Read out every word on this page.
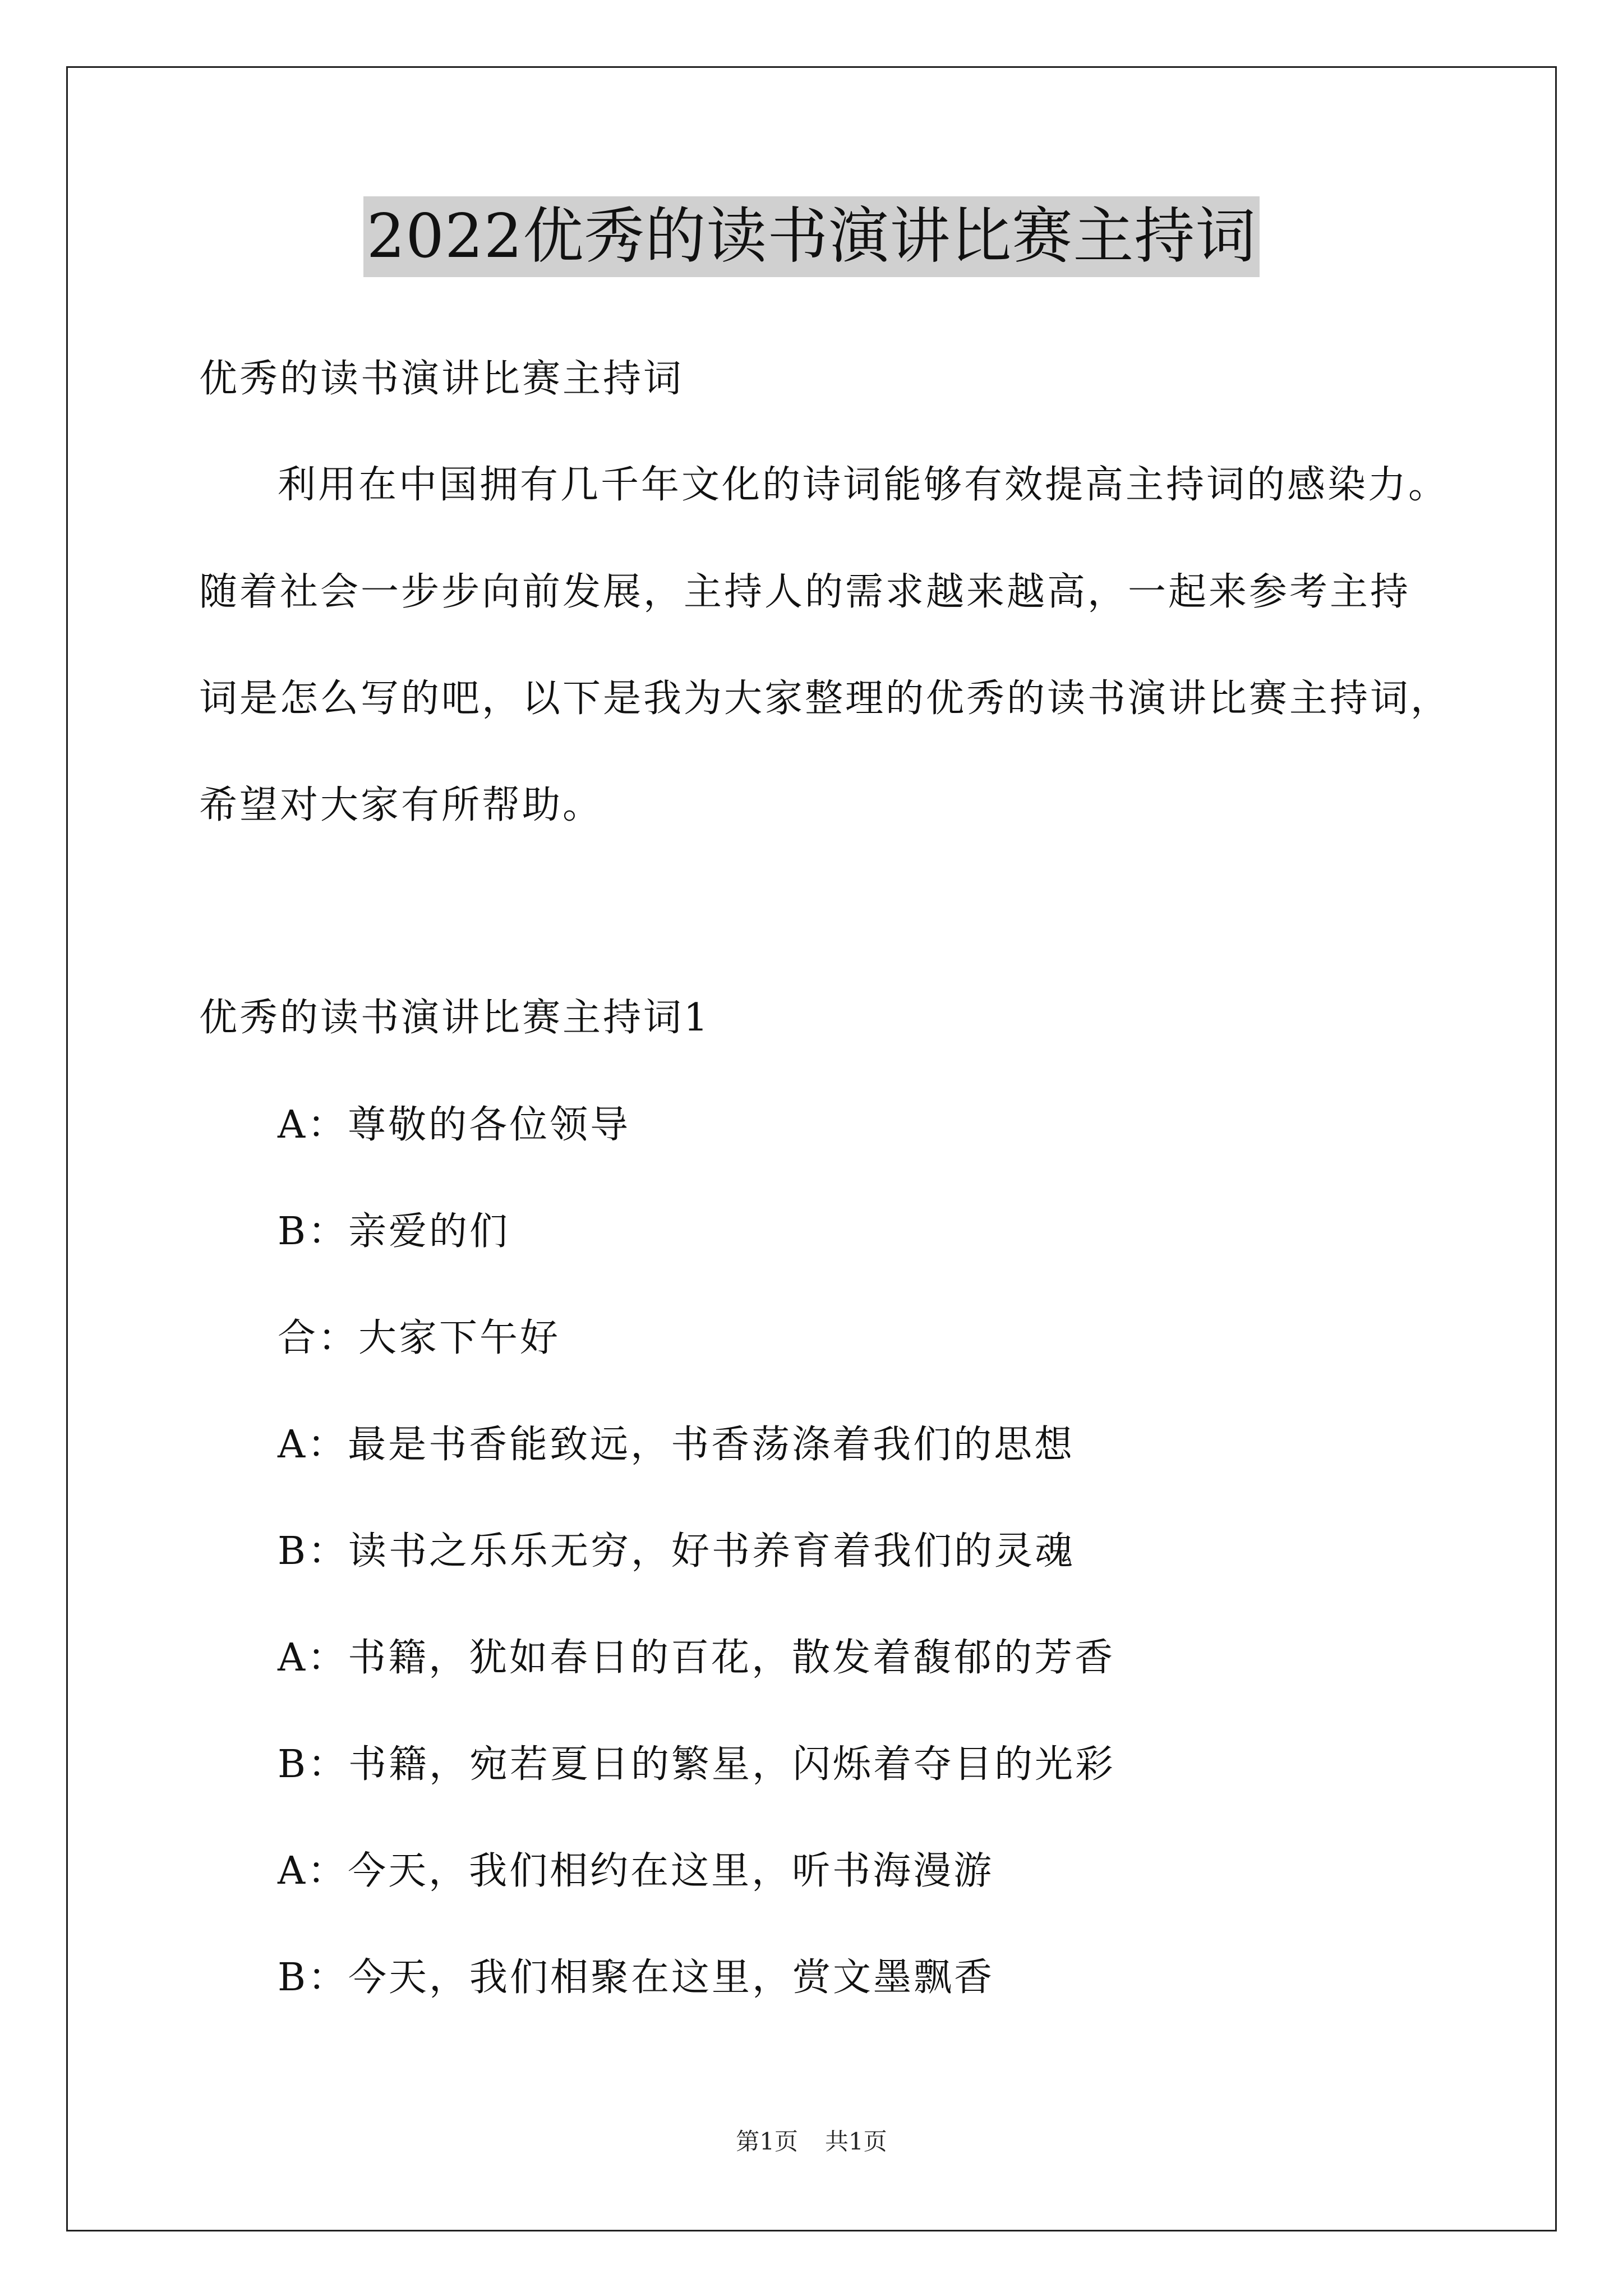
2022优秀的读书演讲比赛主持词
优秀的读书演讲比赛主持词
利用在中国拥有几千年文化的诗词能够有效提高主持词的感染力。
随着社会一步步向前发展，主持人的需求越来越高，一起来参考主持
词是怎么写的吧，以下是我为大家整理的优秀的读书演讲比赛主持词，
希望对大家有所帮助。
优秀的读书演讲比赛主持词1
A：尊敬的各位领导
B：亲爱的们
合：大家下午好
A：最是书香能致远，书香荡涤着我们的思想
B：读书之乐乐无穷，好书养育着我们的灵魂
A：书籍，犹如春日的百花，散发着馥郁的芳香
B：书籍，宛若夏日的繁星，闪烁着夺目的光彩
A：今天，我们相约在这里，听书海漫游
B：今天，我们相聚在这里，赏文墨飘香
第1页 共1页
